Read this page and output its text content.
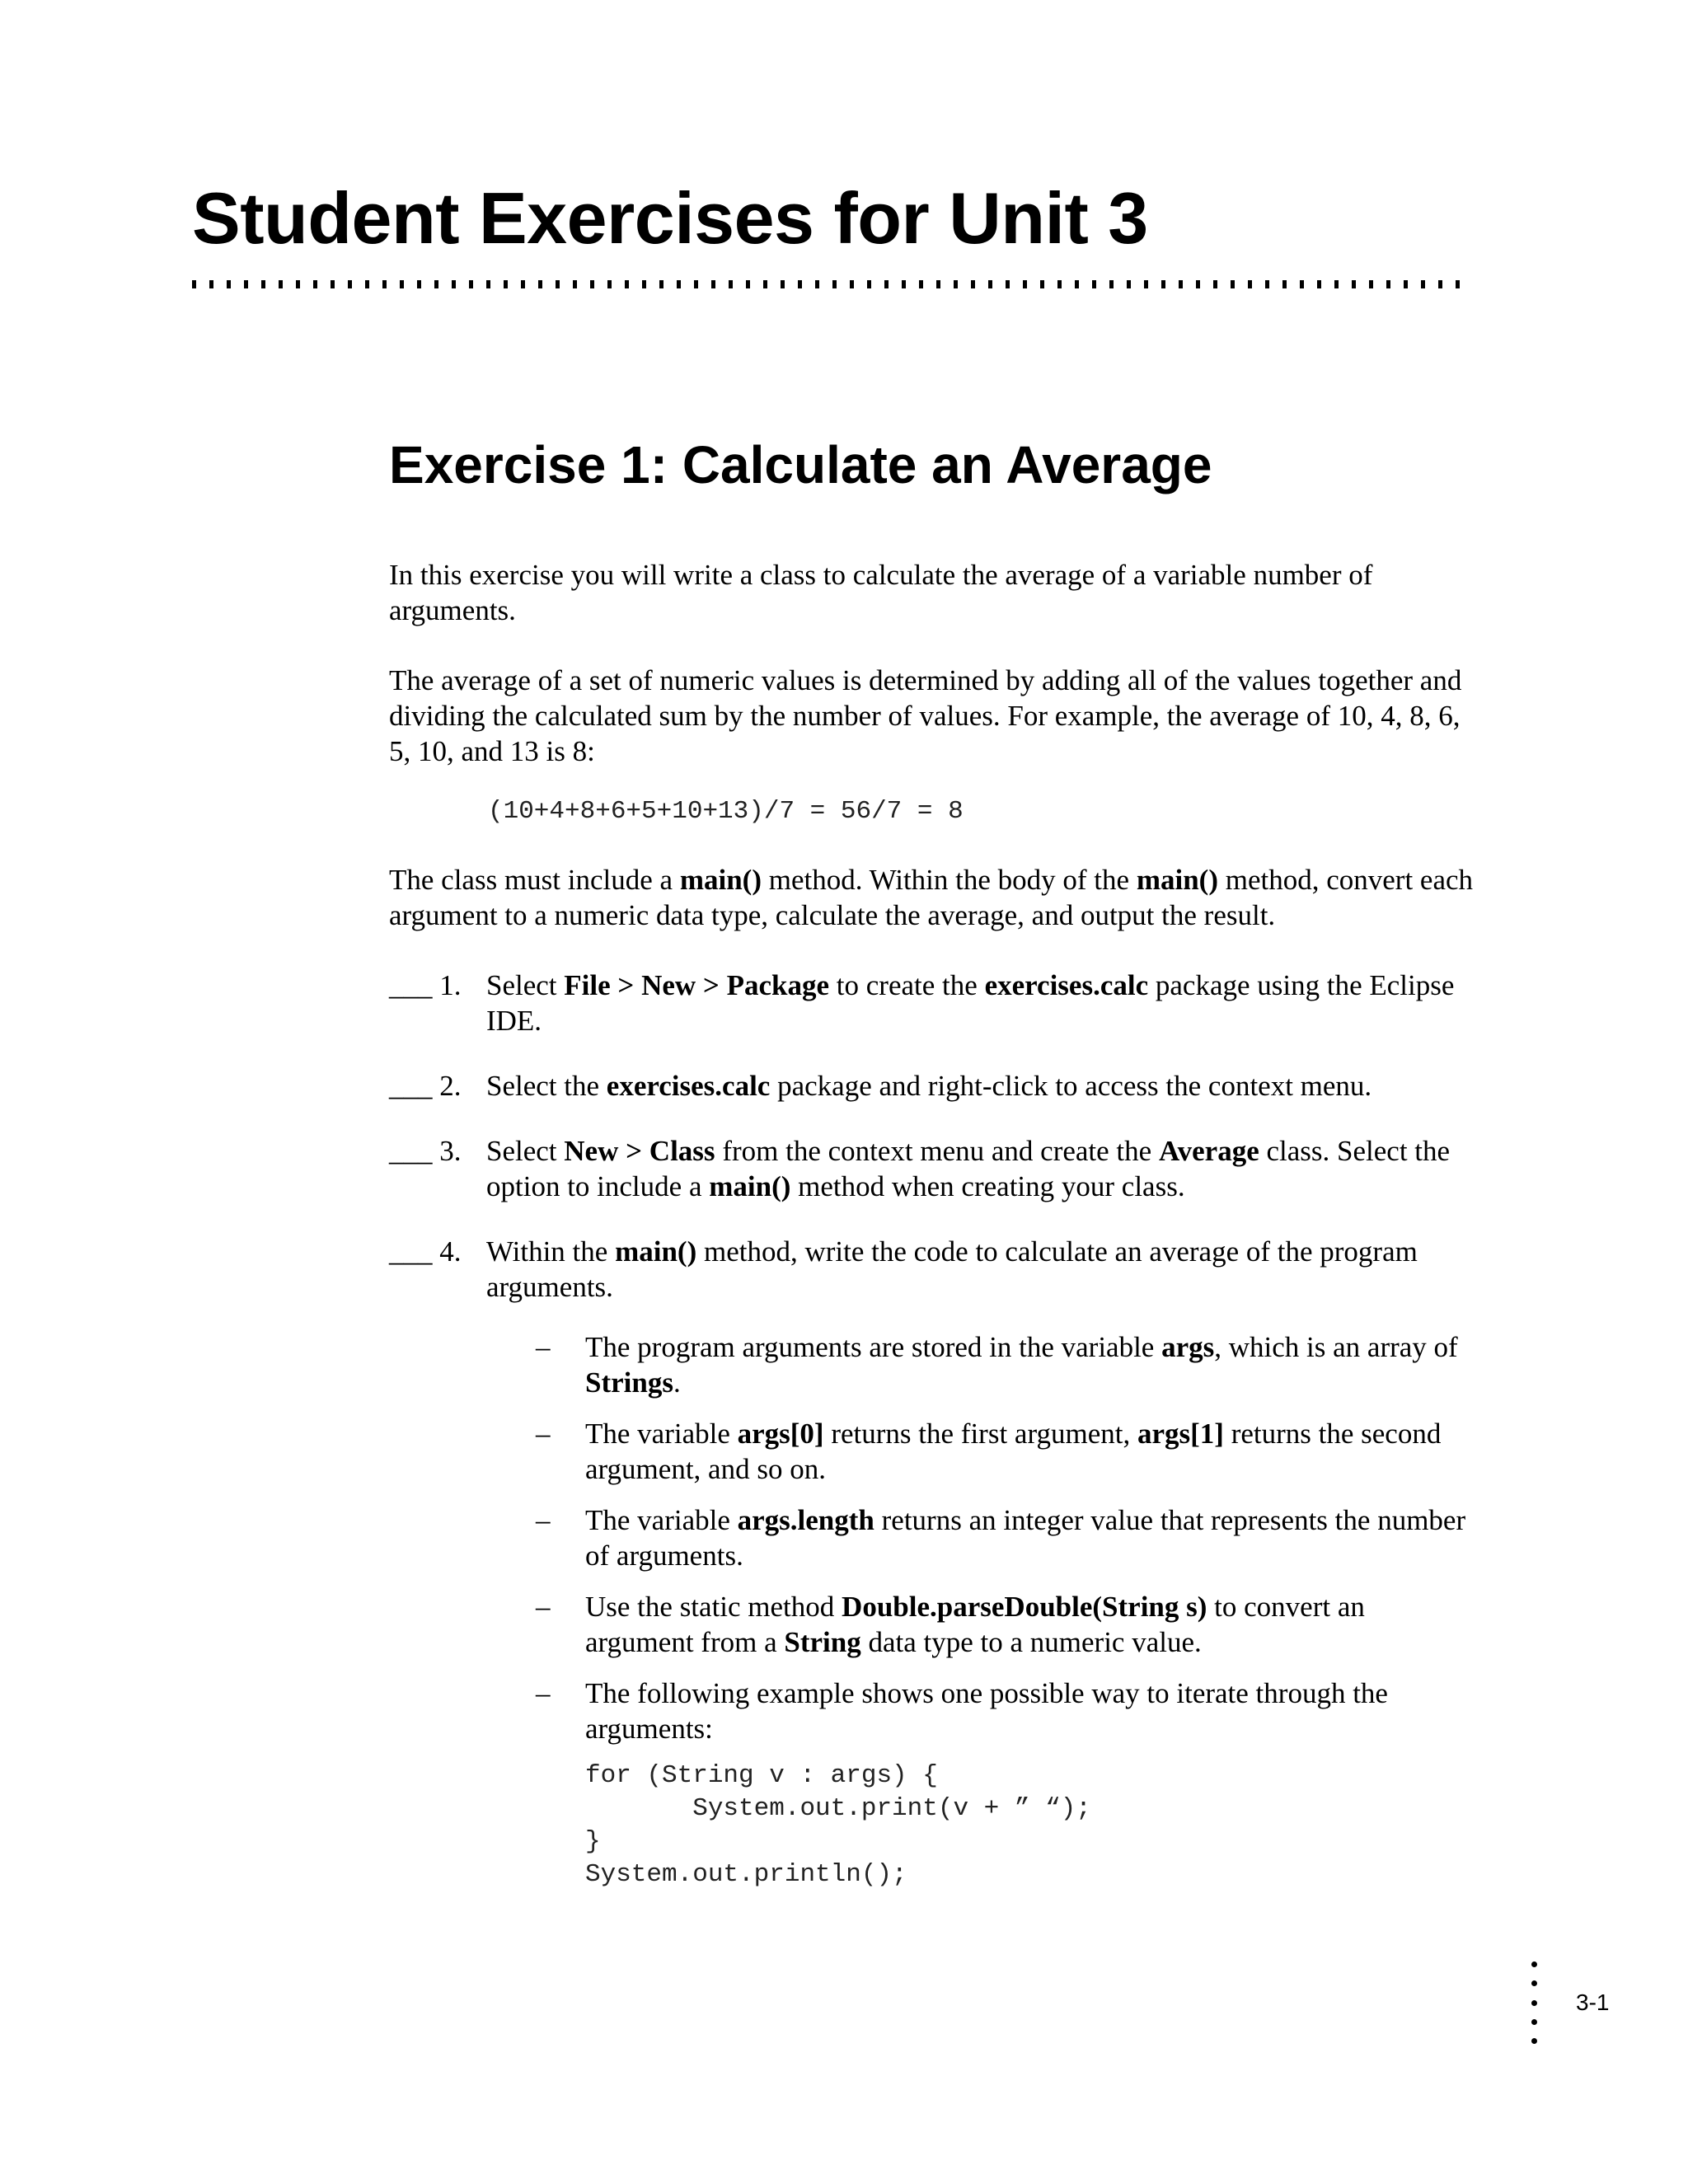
Student Exercises for Unit 3
Exercise 1: Calculate an Average

In this exercise you will write a class to calculate the average of a variable number of arguments.

The average of a set of numeric values is determined by adding all of the values together and dividing the calculated sum by the number of values. For example, the average of 10, 4, 8, 6, 5, 10, and 13 is 8:

(10+4+8+6+5+10+13)/7 = 56/7 = 8

The class must include a main() method. Within the body of the main() method, convert each argument to a numeric data type, calculate the average, and output the result.

___ 1. Select File > New > Package to create the exercises.calc package using the Eclipse IDE.
___ 2. Select the exercises.calc package and right-click to access the context menu.
___ 3. Select New > Class from the context menu and create the Average class. Select the option to include a main() method when creating your class.
___ 4. Within the main() method, write the code to calculate an average of the program arguments.
– The program arguments are stored in the variable args, which is an array of Strings.
– The variable args[0] returns the first argument, args[1] returns the second argument, and so on.
– The variable args.length returns an integer value that represents the number of arguments.
– Use the static method Double.parseDouble(String s) to convert an argument from a String data type to a numeric value.
– The following example shows one possible way to iterate through the arguments:
for (String v : args) {
System.out.print(v + ” “);
}
System.out.println();
3-1
